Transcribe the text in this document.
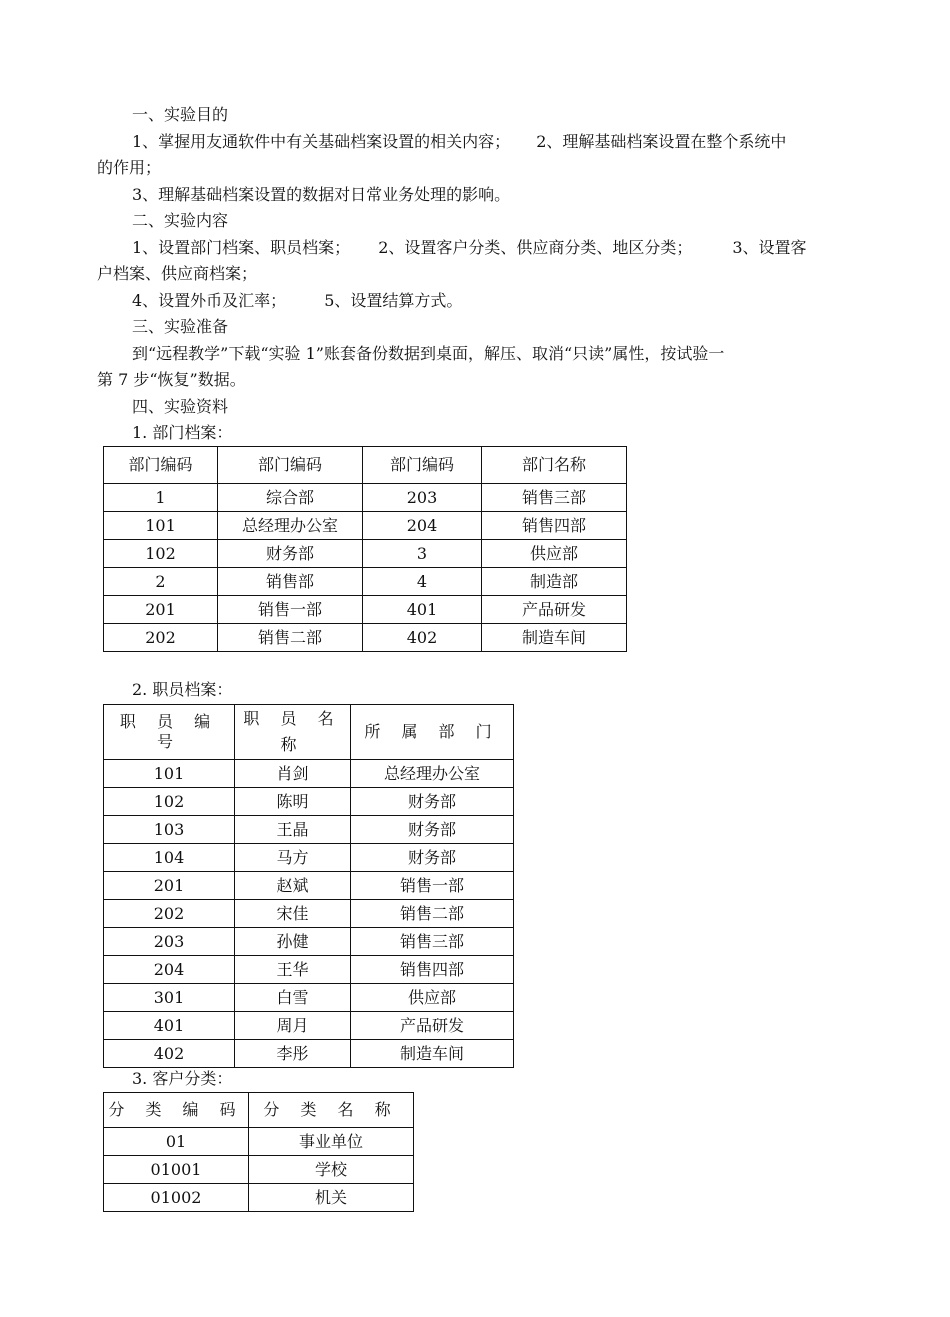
一、实验目的
1、掌握用友通软件中有关基础档案设置的相关内容； 2、理解基础档案设置在整个系统中
的作用；
3、理解基础档案设置的数据对日常业务处理的影响。
二、实验内容
1、设置部门档案、职员档案； 2、设置客户分类、供应商分类、地区分类；	3、设置客
户档案、供应商档案；
4、设置外币及汇率； 5、设置结算方式。
三、实验准备
到“远程教学”下载“实验 1”账套备份数据到桌面，解压、取消“只读”属性，按试验一
第 7 步“恢复”数据。
四、实验资料
1. 部门档案：
部门编码	部门编码	部门编码	部门名称
1	综合部	203	销售三部
101	总经理办公室	204	销售四部
102	财务部	3	供应部
2	销售部	4	制造部
201	销售一部	401	产品研发
202	销售二部	402	制造车间
2. 职员档案：
职 员 编 号	职 员 名 称	所 属 部 门
101	肖剑	总经理办公室
102	陈明	财务部
103	王晶	财务部
104	马方	财务部
201	赵斌	销售一部
202	宋佳	销售二部
203	孙健	销售三部
204	王华	销售四部
301	白雪	供应部
401	周月	产品研发
402	李彤	制造车间
3. 客户分类：
分 类 编 码	分 类 名 称
01	事业单位
01001	学校
01002	机关
